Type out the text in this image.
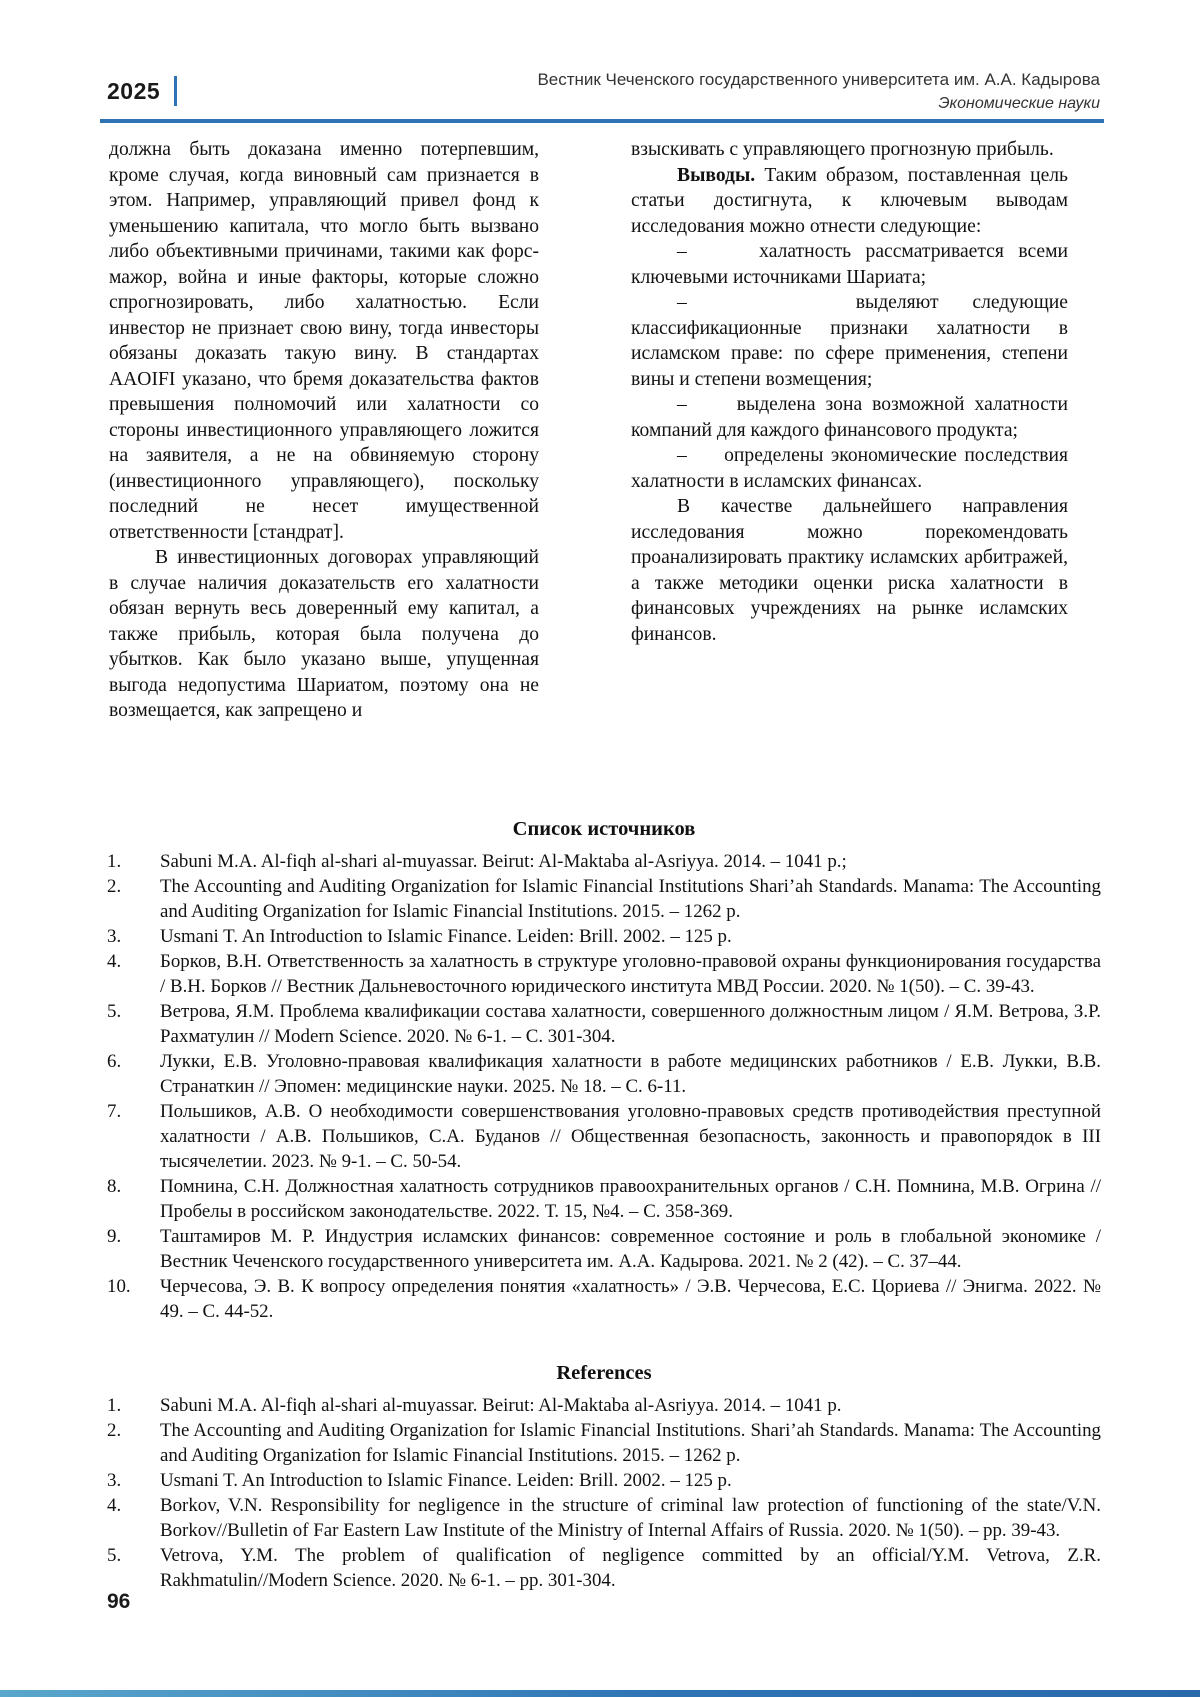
2025	Вестник Чеченского государственного университета им. А.А. Кадырова
Экономические науки

должна быть доказана именно потерпевшим, кроме случая, когда виновный сам признается в этом. Например, управляющий привел фонд к уменьшению капитала, что могло быть вызвано либо объективными причинами, такими как форс-мажор, война и иные факторы, которые сложно спрогнозировать, либо халатностью. Если инвестор не признает свою вину, тогда инвесторы обязаны доказать такую вину. В стандартах AAOIFI указано, что бремя доказательства фактов превышения полномочий или халатности со стороны инвестиционного управляющего ложится на заявителя, а не на обвиняемую сторону (инвестиционного управляющего), поскольку последний не несет имущественной ответственности [стандрат].

В инвестиционных договорах управляющий в случае наличия доказательств его халатности обязан вернуть весь доверенный ему капитал, а также прибыль, которая была получена до убытков. Как было указано выше, упущенная выгода недопустима Шариатом, поэтому она не возмещается, как запрещено и

взыскивать с управляющего прогнозную прибыль.

Выводы. Таким образом, поставленная цель статьи достигнута, к ключевым выводам исследования можно отнести следующие:

–     халатность рассматривается всеми ключевыми источниками Шариата;

–     выделяют следующие классификационные признаки халатности в исламском праве: по сфере применения, степени вины и степени возмещения;

–     выделена зона возможной халатности компаний для каждого финансового продукта;

–     определены экономические последствия халатности в исламских финансах.

В качестве дальнейшего направления исследования можно порекомендовать проанализировать практику исламских арбитражей, а также методики оценки риска халатности в финансовых учреждениях на рынке исламских финансов.

Список источников
1.	Sabuni M.A. Al-fiqh al-shari al-muyassar. Beirut: Al-Maktaba al-Asriyya. 2014. – 1041 p.;
2.	The Accounting and Auditing Organization for Islamic Financial Institutions Shari’ah Standards. Manama: The Accounting and Auditing Organization for Islamic Financial Institutions. 2015. – 1262 p.
3.	Usmani T. An Introduction to Islamic Finance. Leiden: Brill. 2002. – 125 p.
4.	Борков, В.Н. Ответственность за халатность в структуре уголовно-правовой охраны функционирования государства / В.Н. Борков // Вестник Дальневосточного юридического института МВД России. 2020. № 1(50). – С. 39-43.
5.	Ветрова, Я.М. Проблема квалификации состава халатности, совершенного должностным лицом / Я.М. Ветрова, З.Р. Рахматулин // Modern Science. 2020. № 6-1. – С. 301-304.
6.	Лукки, Е.В. Уголовно-правовая квалификация халатности в работе медицинских работников / Е.В. Лукки, В.В. Странаткин // Эпомен: медицинские науки. 2025. № 18. – С. 6-11.
7.	Польшиков, А.В. О необходимости совершенствования уголовно-правовых средств противодействия преступной халатности / А.В. Польшиков, С.А. Буданов // Общественная безопасность, законность и правопорядок в III тысячелетии. 2023. № 9-1. – С. 50-54.
8.	Помнина, С.Н. Должностная халатность сотрудников правоохранительных органов / С.Н. Помнина, М.В. Огрина // Пробелы в российском законодательстве. 2022. Т. 15, №4. – С. 358-369.
9.	Таштамиров М. Р. Индустрия исламских финансов: современное состояние и роль в глобальной экономике / Вестник Чеченского государственного университета им. А.А. Кадырова. 2021. № 2 (42). – С. 37–44.
10.	Черчесова, Э. В. К вопросу определения понятия «халатность» / Э.В. Черчесова, Е.С. Цориева // Энигма. 2022. № 49. – С. 44-52.
References
1.	Sabuni M.A. Al-fiqh al-shari al-muyassar. Beirut: Al-Maktaba al-Asriyya. 2014. – 1041 p.
2.	The Accounting and Auditing Organization for Islamic Financial Institutions. Shari’ah Standards. Manama: The Accounting and Auditing Organization for Islamic Financial Institutions. 2015. – 1262 p.
3.	Usmani T. An Introduction to Islamic Finance. Leiden: Brill. 2002. – 125 p.
4.	Borkov, V.N. Responsibility for negligence in the structure of criminal law protection of functioning of the state/V.N. Borkov//Bulletin of Far Eastern Law Institute of the Ministry of Internal Affairs of Russia. 2020. № 1(50). – pp. 39-43.
5.	Vetrova, Y.M. The problem of qualification of negligence committed by an official/Y.M. Vetrova, Z.R. Rakhmatulin//Modern Science. 2020. № 6-1. – pp. 301-304.
96
